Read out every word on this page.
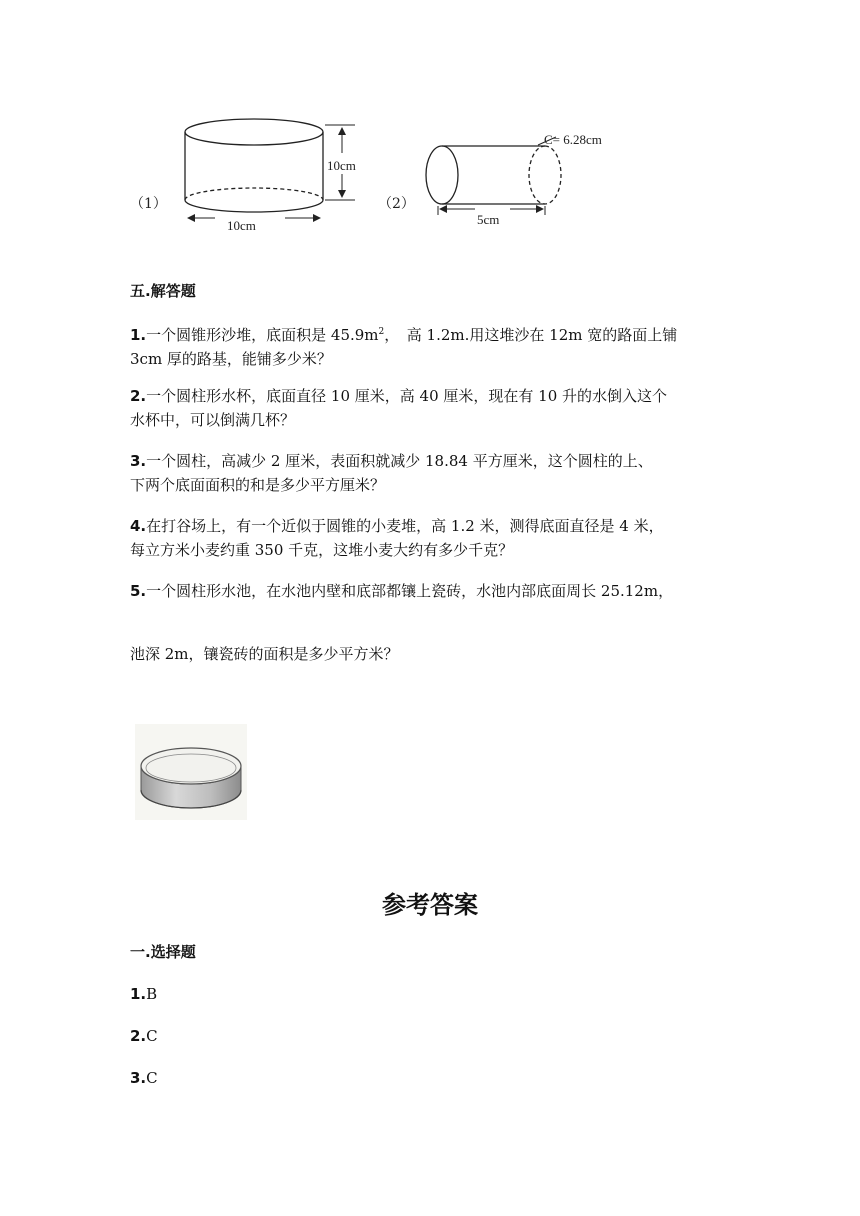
（1）
10cm
10cm
（2）
C= 6.28cm
5cm
五.解答题
1.一个圆锥形沙堆，底面积是 $45.9m^2$，　高 1.2m.用这堆沙在 12m 宽的路面上铺
3cm 厚的路基，能铺多少米？
2.一个圆柱形水杯，底面直径 10 厘米，高 40 厘米，现在有 10 升的水倒入这个
水杯中，可以倒满几杯？
3.一个圆柱，高减少 2 厘米，表面积就减少 18.84 平方厘米，这个圆柱的上、
下两个底面面积的和是多少平方厘米？
4.在打谷场上，有一个近似于圆锥的小麦堆，高 1.2 米，测得底面直径是 4 米，
每立方米小麦约重 350 千克，这堆小麦大约有多少千克？
5.一个圆柱形水池，在水池内壁和底部都镶上瓷砖，水池内部底面周长 25.12m，
池深 2m，镶瓷砖的面积是多少平方米？
参考答案
一.选择题
1.B
2.C
3.C
